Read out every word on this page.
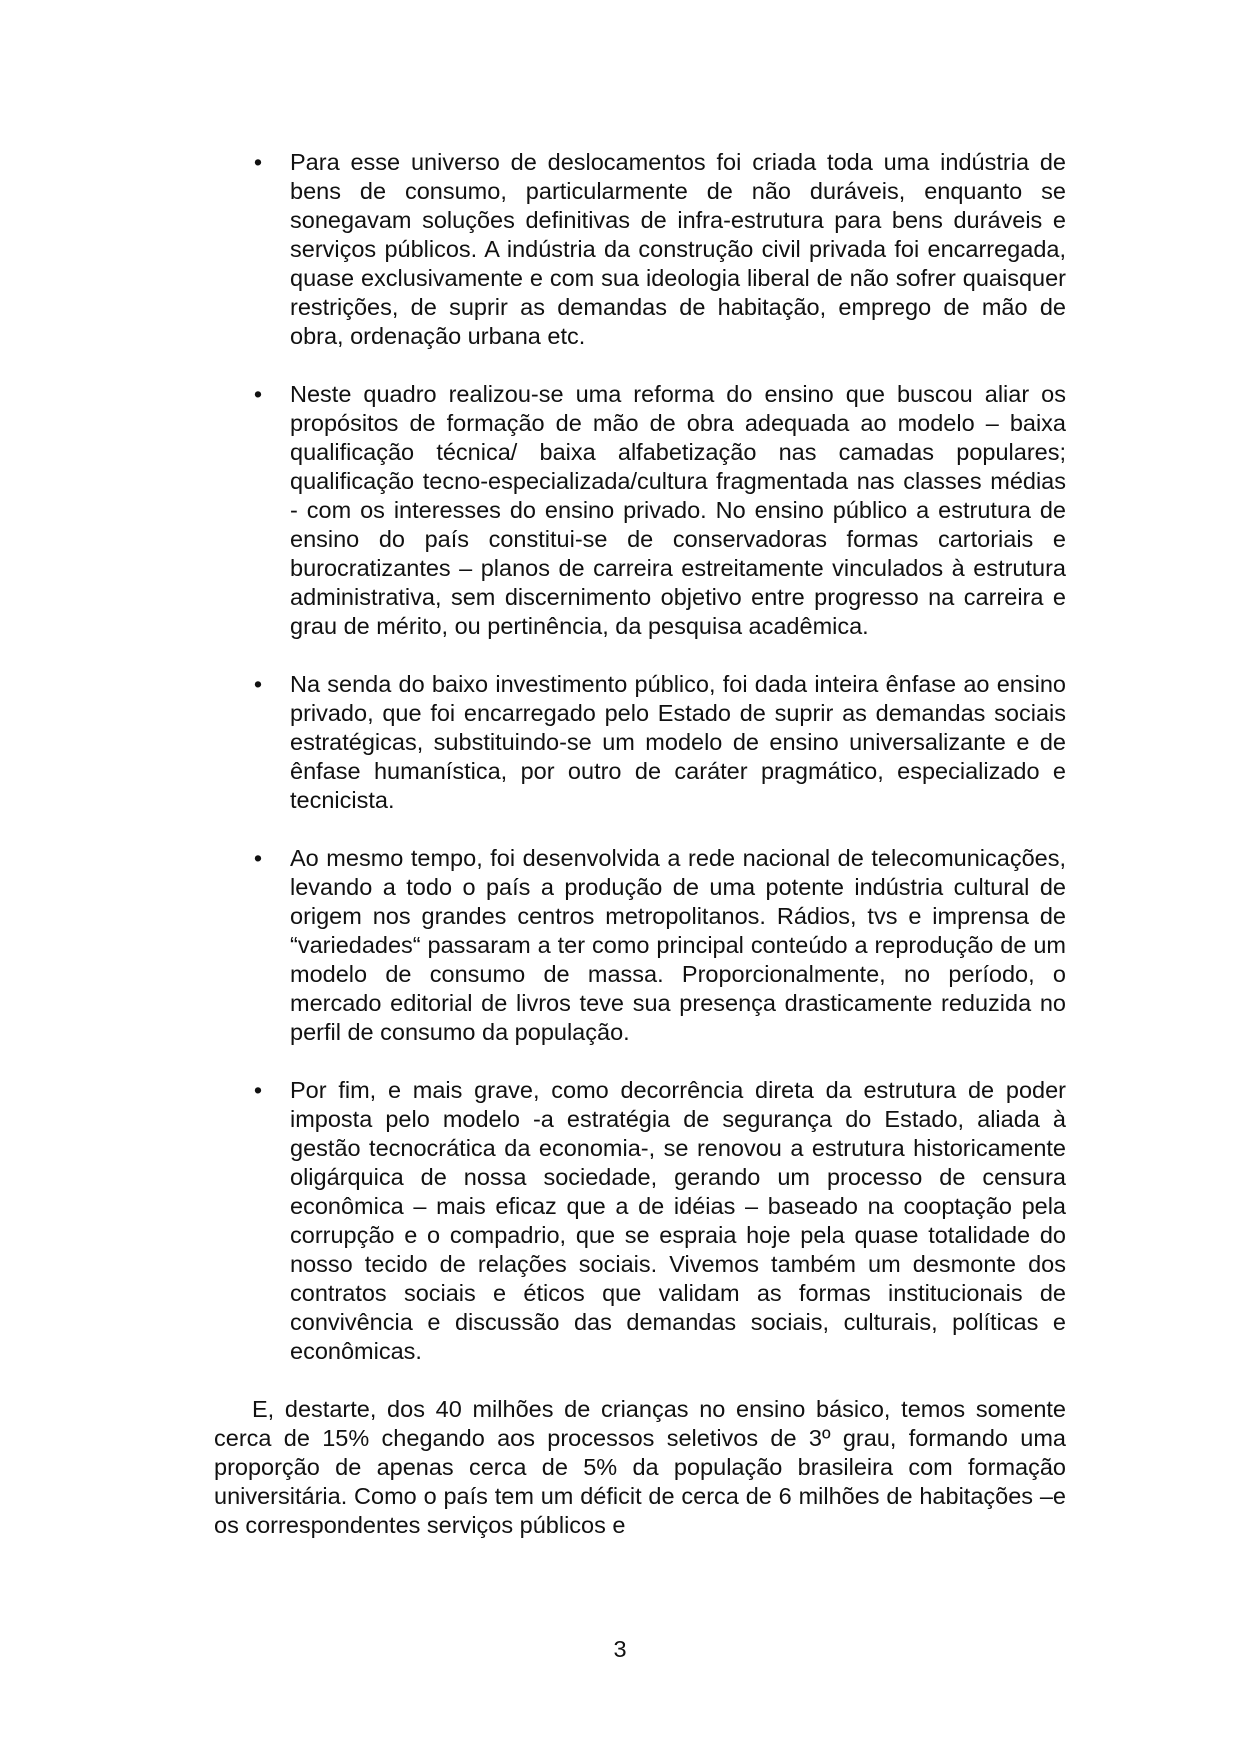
• Para esse universo de deslocamentos foi criada toda uma indústria de bens de consumo, particularmente de não duráveis, enquanto se sonegavam soluções definitivas de infra-estrutura para bens duráveis e serviços públicos. A indústria da construção civil privada foi encarregada, quase exclusivamente e com sua ideologia liberal de não sofrer quaisquer restrições, de suprir as demandas de habitação, emprego de mão de obra, ordenação urbana etc.
• Neste quadro realizou-se uma reforma do ensino que buscou aliar os propósitos de formação de mão de obra adequada ao modelo – baixa qualificação técnica/ baixa alfabetização nas camadas populares; qualificação tecno-especializada/cultura fragmentada nas classes médias - com os interesses do ensino privado. No ensino público a estrutura de ensino do país constitui-se de conservadoras formas cartoriais e burocratizantes – planos de carreira estreitamente vinculados à estrutura administrativa, sem discernimento objetivo entre progresso na carreira e grau de mérito, ou pertinência, da pesquisa acadêmica.
• Na senda do baixo investimento público, foi dada inteira ênfase ao ensino privado, que foi encarregado pelo Estado de suprir as demandas sociais estratégicas, substituindo-se um modelo de ensino universalizante e de ênfase humanística, por outro de caráter pragmático, especializado e tecnicista.
• Ao mesmo tempo, foi desenvolvida a rede nacional de telecomunicações, levando a todo o país a produção de uma potente indústria cultural de origem nos grandes centros metropolitanos. Rádios, tvs e imprensa de “variedades“ passaram a ter como principal conteúdo a reprodução de um modelo de consumo de massa. Proporcionalmente, no período, o mercado editorial de livros teve sua presença drasticamente reduzida no perfil de consumo da população.
• Por fim, e mais grave, como decorrência direta da estrutura de poder imposta pelo modelo -a estratégia de segurança do Estado, aliada à gestão tecnocrática da economia-, se renovou a estrutura historicamente oligárquica de nossa sociedade, gerando um processo de censura econômica – mais eficaz que a de idéias – baseado na cooptação pela corrupção e o compadrio, que se espraia hoje pela quase totalidade do nosso tecido de relações sociais. Vivemos também um desmonte dos contratos sociais e éticos que validam as formas institucionais de convivência e discussão das demandas sociais, culturais, políticas e econômicas.

E, destarte, dos 40 milhões de crianças no ensino básico, temos somente cerca de 15% chegando aos processos seletivos de 3º grau, formando uma proporção de apenas cerca de 5% da população brasileira com formação universitária. Como o país tem um déficit de cerca de 6 milhões de habitações –e os correspondentes serviços públicos e

3
